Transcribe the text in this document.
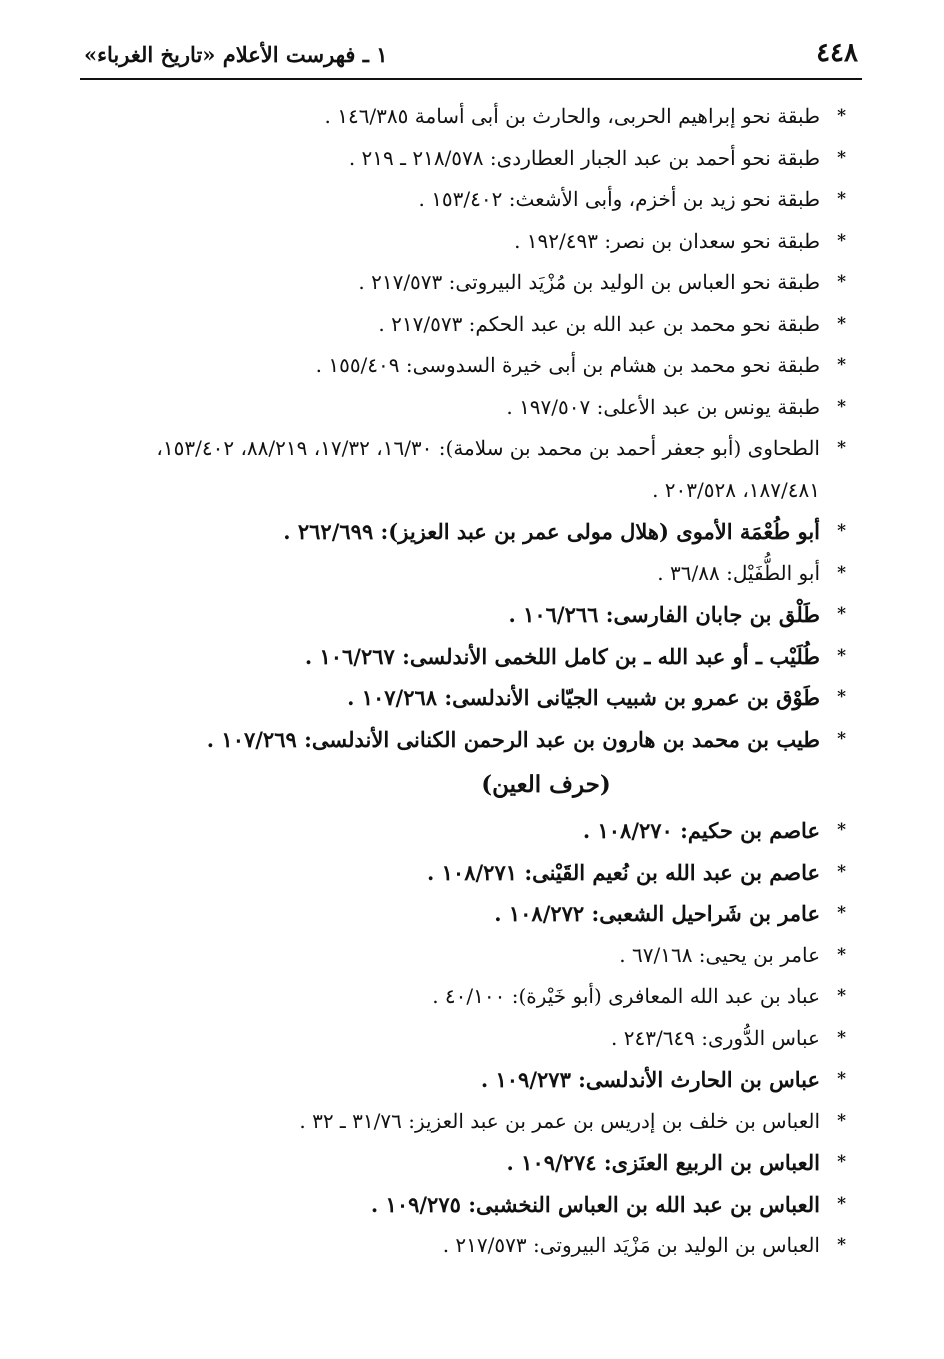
٤٤٨
١ ـ فهرست الأعلام «تاريخ الغرباء»
*
طبقة نحو إبراهيم الحربى، والحارث بن أبى أسامة ١٤٦/٣٨٥ .
*
طبقة نحو أحمد بن عبد الجبار العطاردى: ٢١٨/٥٧٨ ـ ٢١٩ .
*
طبقة نحو زيد بن أخزم، وأبى الأشعث: ١٥٣/٤٠٢ .
*
طبقة نحو سعدان بن نصر: ١٩٢/٤٩٣ .
*
طبقة نحو العباس بن الوليد بن مُزْيَد البيروتى: ٢١٧/٥٧٣ .
*
طبقة نحو محمد بن عبد الله بن عبد الحكم: ٢١٧/٥٧٣ .
*
طبقة نحو محمد بن هشام بن أبى خيرة السدوسى: ١٥٥/٤٠٩ .
*
طبقة يونس بن عبد الأعلى: ١٩٧/٥٠٧ .
*
الطحاوى (أبو جعفر أحمد بن محمد بن سلامة): ١٦/٣٠، ١٧/٣٢، ٨٨/٢١٩، ١٥٣/٤٠٢، ١٨٧/٤٨١، ٢٠٣/٥٢٨ .
*
أبو طُعْمَة الأموى (هلال مولى عمر بن عبد العزيز): ٢٦٢/٦٩٩ .
*
أبو الطُّفَيْل: ٣٦/٨٨ .
*
طَلْق بن جابان الفارسى: ١٠٦/٢٦٦ .
*
طُلَيْب ـ أو عبد الله ـ بن كامل اللخمى الأندلسى: ١٠٦/٢٦٧ .
*
طَوْق بن عمرو بن شبيب الجيّانى الأندلسى: ١٠٧/٢٦٨ .
*
طيب بن محمد بن هارون بن عبد الرحمن الكنانى الأندلسى: ١٠٧/٢٦٩ .
(حرف العين)
*
عاصم بن حكيم: ١٠٨/٢٧٠ .
*
عاصم بن عبد الله بن نُعيم القَيْنى: ١٠٨/٢٧١ .
*
عامر بن شَراحيل الشعبى: ١٠٨/٢٧٢ .
*
عامر بن يحيى: ٦٧/١٦٨ .
*
عباد بن عبد الله المعافرى (أبو خَيْرة): ٤٠/١٠٠ .
*
عباس الدُّورى: ٢٤٣/٦٤٩ .
*
عباس بن الحارث الأندلسى: ١٠٩/٢٧٣ .
*
العباس بن خلف بن إدريس بن عمر بن عبد العزيز: ٣١/٧٦ ـ ٣٢ .
*
العباس بن الربيع العنَزى: ١٠٩/٢٧٤ .
*
العباس بن عبد الله بن العباس النخشبى: ١٠٩/٢٧٥ .
*
العباس بن الوليد بن مَزْيَد البيروتى: ٢١٧/٥٧٣ .
